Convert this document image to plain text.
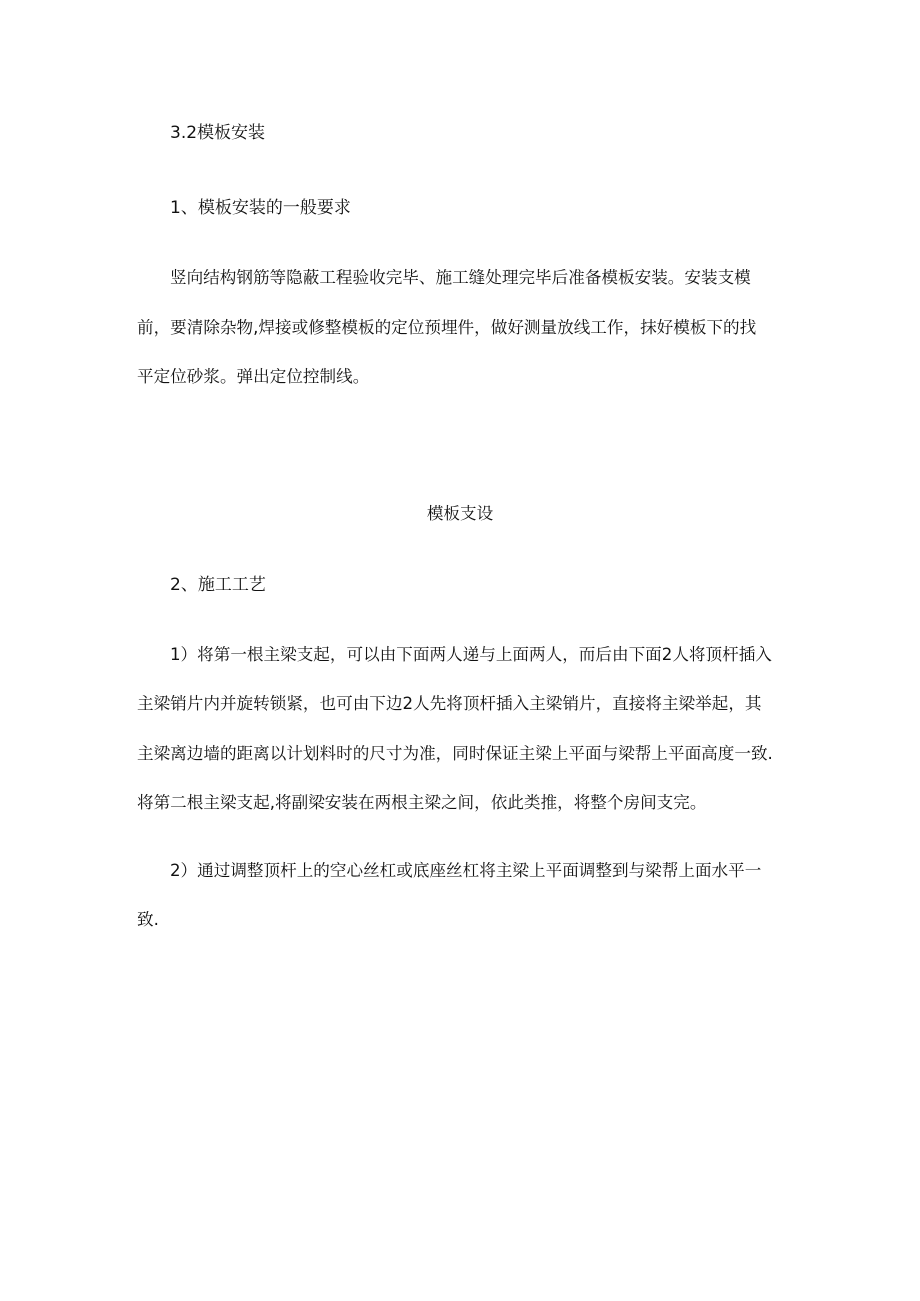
3.2模板安装
1、模板安装的一般要求
竖向结构钢筋等隐蔽工程验收完毕、施工缝处理完毕后准备模板安装。安装支模
前，要清除杂物,焊接或修整模板的定位预埋件，做好测量放线工作，抹好模板下的找
平定位砂浆。弹出定位控制线。
模板支设
2、施工工艺
1）将第一根主梁支起，可以由下面两人递与上面两人，而后由下面2人将顶杆插入
主梁销片内并旋转锁紧，也可由下边2人先将顶杆插入主梁销片，直接将主梁举起，其
主梁离边墙的距离以计划料时的尺寸为准，同时保证主梁上平面与梁帮上平面高度一致.
将第二根主梁支起,将副梁安装在两根主梁之间，依此类推，将整个房间支完。
2）通过调整顶杆上的空心丝杠或底座丝杠将主梁上平面调整到与梁帮上面水平一
致.
